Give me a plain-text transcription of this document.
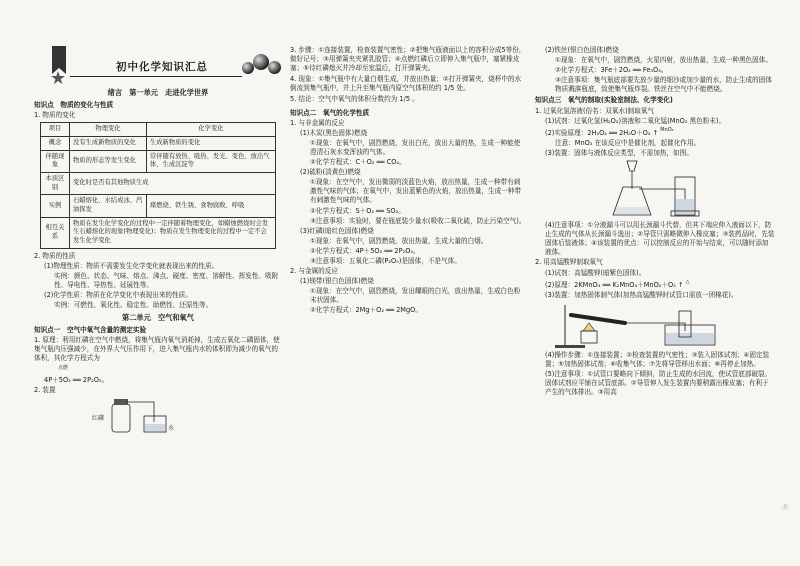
★
初中化学知识汇总
绪言　第一单元　走进化学世界
知识点　物质的变化与性质
1. 物质的变化
项目	物理变化	化学变化
概念	没有生成新物质的变化	生成新物质的变化
伴随现象	物质的形态等发生变化	常伴随有放热、吸热、发光、变色、放出气体、生成沉淀等
本质区别	变化时是否有其他物质生成	
实例	石蜡熔化、水结成冰、汽油挥发	煤燃烧、铁生锈、食物腐败、呼吸
相互关系	物质在发生化学变化的过程中一定伴随着物理变化，如蜡烛燃烧时会发生石蜡熔化的现象(物理变化)；物质在发生物理变化的过程中一定不会发生化学变化	
2. 物质的性质
(1)物理性质：物质不需要发生化学变化就表现出来的性质。
实例：颜色、状态、气味、熔点、沸点、硬度、密度、溶解性、挥发性、吸附性、导电性、导热性、延展性等。
(2)化学性质：物质在化学变化中表现出来的性质。
实例：可燃性、氧化性、稳定性、助燃性、还原性等。
第二单元　空气和氧气
知识点一　空气中氧气含量的测定实验
1. 原理：利用红磷在空气中燃烧，将集气瓶内氧气消耗掉，生成五氧化二磷固体，使集气瓶内压强减少，在外界大气压作用下，进入集气瓶内水的体积即为减少的氧气的体积，其化学方程式为
$^{点燃}$
4P＋5O₂ ══ 2P₂O₅。
2. 装置
红磷
水
3. 步骤：①连接装置，检查装置气密性；②把集气瓶液面以上的容积分成5等份，做好记号；③用弹簧夹夹紧乳胶管；④点燃红磷后立即伸入集气瓶中，塞紧橡皮塞；⑤待红磷熄灭并冷却至室温后，打开弹簧夹。
4. 现象：①集气瓶中有大量白烟生成，并放出热量；②打开弹簧夹，烧杯中的水倒流到集气瓶中，并上升至集气瓶内原空气体积的约 1/5 处。
5. 结论：空气中氧气的体积分数约为 1/5 。
知识点二　氧气的化学性质
1. 与非金属的反应
(1)木炭(黑色固体)燃烧
①现象：在氧气中，剧烈燃烧，发出白光，放出大量的热，生成一种能使澄清石灰水变浑浊的气体。
②化学方程式：C＋O₂ ══ CO₂。
(2)硫粉(淡黄色)燃烧
①现象：在空气中，发出微弱的淡蓝色火焰，放出热量，生成一种带有刺激性气味的气体；在氧气中，发出蓝紫色的火焰，放出热量，生成一种带有刺激性气味的气体。
②化学方程式：S＋O₂ ══ SO₂。
③注意事项：实验时，要在瓶底装少量水(吸收二氧化硫，防止污染空气)。
(3)红磷(暗红色固体)燃烧
①现象：在氧气中，剧烈燃烧，放出热量，生成大量的白烟。
②化学方程式：4P＋5O₂ ══ 2P₂O₅。
③注意事项：五氧化二磷(P₂O₅)是固体，不是气体。
2. 与金属的反应
(1)镁带(银白色固体)燃烧
①现象：在空气中，剧烈燃烧，发出耀眼的白光，放出热量，生成白色粉末状固体。
②化学方程式：2Mg＋O₂ ══ 2MgO。
(2)铁丝(银白色固体)燃烧
①现象：在氧气中，剧烈燃烧，火星四射，放出热量，生成一种黑色固体。
②化学方程式：3Fe＋2O₂ ══ Fe₃O₄。
③注意事项：集气瓶底部要先放少量的细沙或加少量的水，防止生成的固体物质溅落瓶底，致使集气瓶炸裂。铁丝在空气中不能燃烧。
知识点三　氧气的制取(实验室制法、化学变化)
1. 过氧化氢溶液(俗名：双氧水)制取氧气
(1)试剂：过氧化氢(H₂O₂)溶液和二氧化锰(MnO₂ 黑色粉末)。
(2)实验原理：2H₂O₂ ══ 2H₂O＋O₂ ↑ $^{MnO_2}$
注意：MnO₂ 在该反应中是催化剂，起催化作用。
(3)装置：固体与液体反应类型，不需加热，如图。
(4)注意事项：①分液漏斗可以用长颈漏斗代替，但其下端应伸入液面以下，防止生成的气体从长颈漏斗逸出；②导管只需略微伸入橡皮塞；③装药品时，先装固体后装液体；④该装置的优点：可以控制反应的开始与结束，可以随时添加液体。
2. 用高锰酸钾制取氧气
(1)试剂：高锰酸钾(暗紫色固体)。
(2)原理：2KMnO₄ ══ K₂MnO₄＋MnO₂＋O₂ ↑ △
(3)装置：加热固体制气体(加热高锰酸钾时试管口需放一团棉花)。
(4)操作步骤：①连接装置；②检查装置的气密性；③装入固体试剂；④固定装置；⑤加热固体试剂；⑥收集气体；⑦先将导管移出水面；⑧再停止加热。
(5)注意事项：①试管口要略向下倾斜，防止生成的水回流，使试管底部破裂。固体试剂应平铺在试管底部。②导管伸入发生装置内要稍露出橡皮塞；有利于产生的气体排出。③用高
杰
